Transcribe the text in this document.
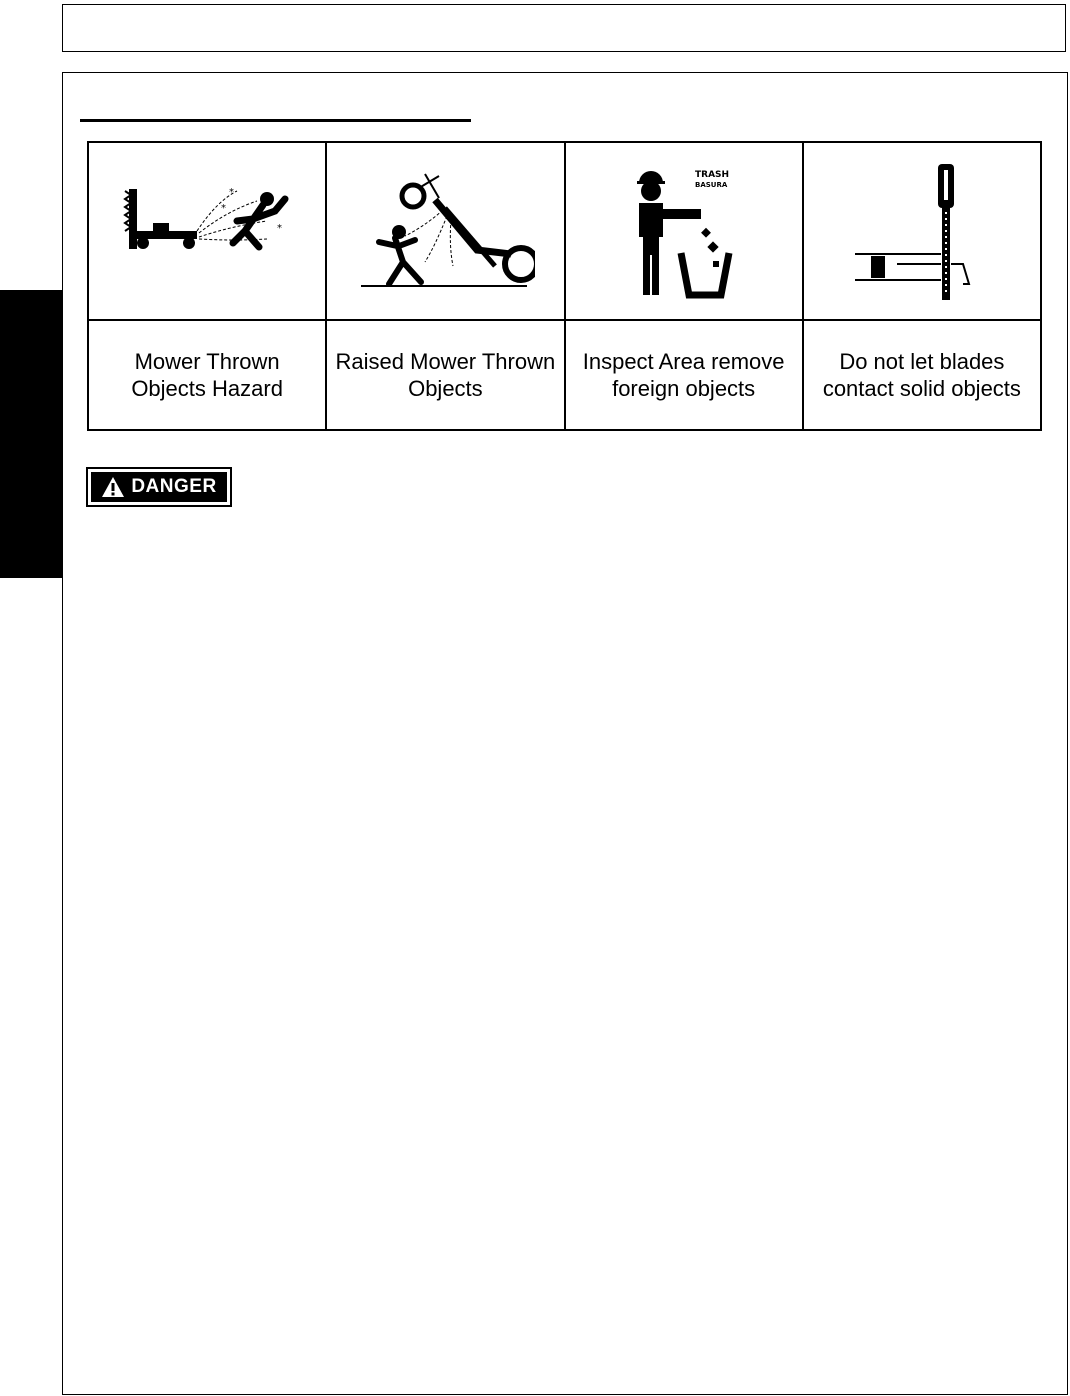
*
*
*		TRASH
BASURA

Mower Thrown Objects Hazard	Raised Mower Thrown Objects	Inspect Area remove foreign objects	Do not let blades contact solid objects
DANGER
